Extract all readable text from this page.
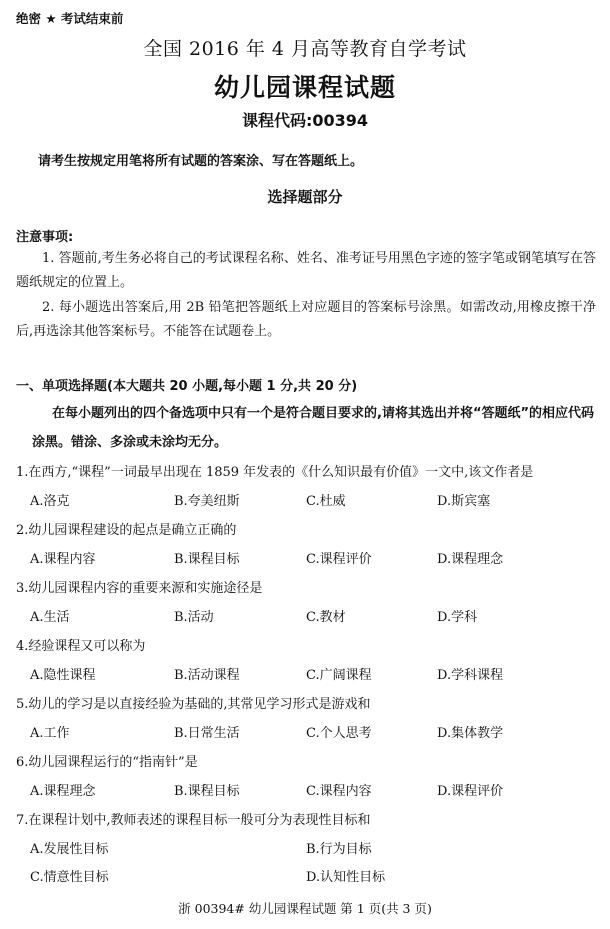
绝密 ★ 考试结束前
全国 2016 年 4 月高等教育自学考试
幼儿园课程试题
课程代码:00394
请考生按规定用笔将所有试题的答案涂、写在答题纸上。
选择题部分
注意事项:
1. 答题前,考生务必将自己的考试课程名称、姓名、准考证号用黑色字迹的签字笔或钢笔填写在答题纸规定的位置上。
2. 每小题选出答案后,用 2B 铅笔把答题纸上对应题目的答案标号涂黑。如需改动,用橡皮擦干净后,再选涂其他答案标号。不能答在试题卷上。
一、单项选择题(本大题共 20 小题,每小题 1 分,共 20 分)
在每小题列出的四个备选项中只有一个是符合题目要求的,请将其选出并将“答题纸”的相应代码涂黑。错涂、多涂或未涂均无分。
1.在西方,“课程”一词最早出现在 1859 年发表的《什么知识最有价值》一文中,该文作者是
A.洛克	B.夸美纽斯	C.杜威	D.斯宾塞
2.幼儿园课程建设的起点是确立正确的
A.课程内容	B.课程目标	C.课程评价	D.课程理念
3.幼儿园课程内容的重要来源和实施途径是
A.生活	B.活动	C.教材	D.学科
4.经验课程又可以称为
A.隐性课程	B.活动课程	C.广阔课程	D.学科课程
5.幼儿的学习是以直接经验为基础的,其常见学习形式是游戏和
A.工作	B.日常生活	C.个人思考	D.集体教学
6.幼儿园课程运行的“指南针”是
A.课程理念	B.课程目标	C.课程内容	D.课程评价
7.在课程计划中,教师表述的课程目标一般可分为表现性目标和
A.发展性目标	B.行为目标
C.情意性目标	D.认知性目标
浙 00394# 幼儿园课程试题 第 1 页(共 3 页)
